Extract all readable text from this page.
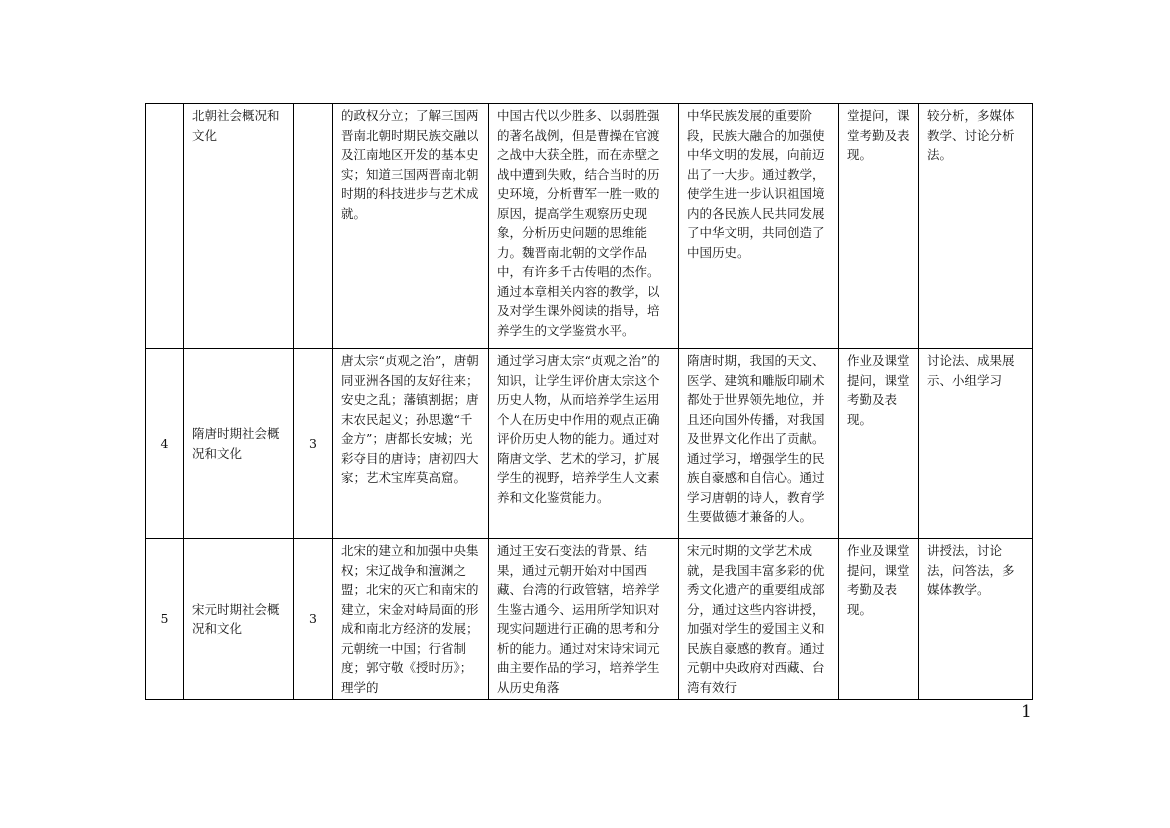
	北朝社会概况和文化		的政权分立；了解三国两晋南北朝时期民族交融以及江南地区开发的基本史实；知道三国两晋南北朝时期的科技进步与艺术成就。	中国古代以少胜多、以弱胜强的著名战例，但是曹操在官渡之战中大获全胜，而在赤壁之战中遭到失败，结合当时的历史环境，分析曹军一胜一败的原因，提高学生观察历史现象，分析历史问题的思维能力。魏晋南北朝的文学作品中，有许多千古传唱的杰作。通过本章相关内容的教学，以及对学生课外阅读的指导，培养学生的文学鉴赏水平。	中华民族发展的重要阶段，民族大融合的加强使中华文明的发展，向前迈出了一大步。通过教学，使学生进一步认识祖国境内的各民族人民共同发展了中华文明，共同创造了中国历史。	堂提问，课堂考勤及表现。	较分析，多媒体教学、讨论分析法。
4	隋唐时期社会概况和文化	3	唐太宗“贞观之治”，唐朝同亚洲各国的友好往来；安史之乱；藩镇割据；唐末农民起义；孙思邈“千金方”；唐都长安城；光彩夺目的唐诗；唐初四大家；艺术宝库莫高窟。	通过学习唐太宗“贞观之治”的知识，让学生评价唐太宗这个历史人物，从而培养学生运用个人在历史中作用的观点正确评价历史人物的能力。通过对隋唐文学、艺术的学习，扩展学生的视野，培养学生人文素养和文化鉴赏能力。	隋唐时期，我国的天文、医学、建筑和雕版印刷术都处于世界领先地位，并且还向国外传播，对我国及世界文化作出了贡献。通过学习，增强学生的民族自豪感和自信心。通过学习唐朝的诗人，教育学生要做德才兼备的人。	作业及课堂提问，课堂考勤及表现。	讨论法、成果展示、小组学习
5	宋元时期社会概况和文化	3	北宋的建立和加强中央集权；宋辽战争和澶渊之盟；北宋的灭亡和南宋的建立，宋金对峙局面的形成和南北方经济的发展；元朝统一中国；行省制度；郭守敬《授时历》；理学的	通过王安石变法的背景、结果，通过元朝开始对中国西藏、台湾的行政管辖，培养学生鉴古通今、运用所学知识对现实问题进行正确的思考和分析的能力。通过对宋诗宋词元曲主要作品的学习，培养学生从历史角落	宋元时期的文学艺术成就，是我国丰富多彩的优秀文化遗产的重要组成部分，通过这些内容讲授，加强对学生的爱国主义和民族自豪感的教育。通过元朝中央政府对西藏、台湾有效行	作业及课堂提问，课堂考勤及表现。	讲授法，讨论法，问答法，多媒体教学。
1
